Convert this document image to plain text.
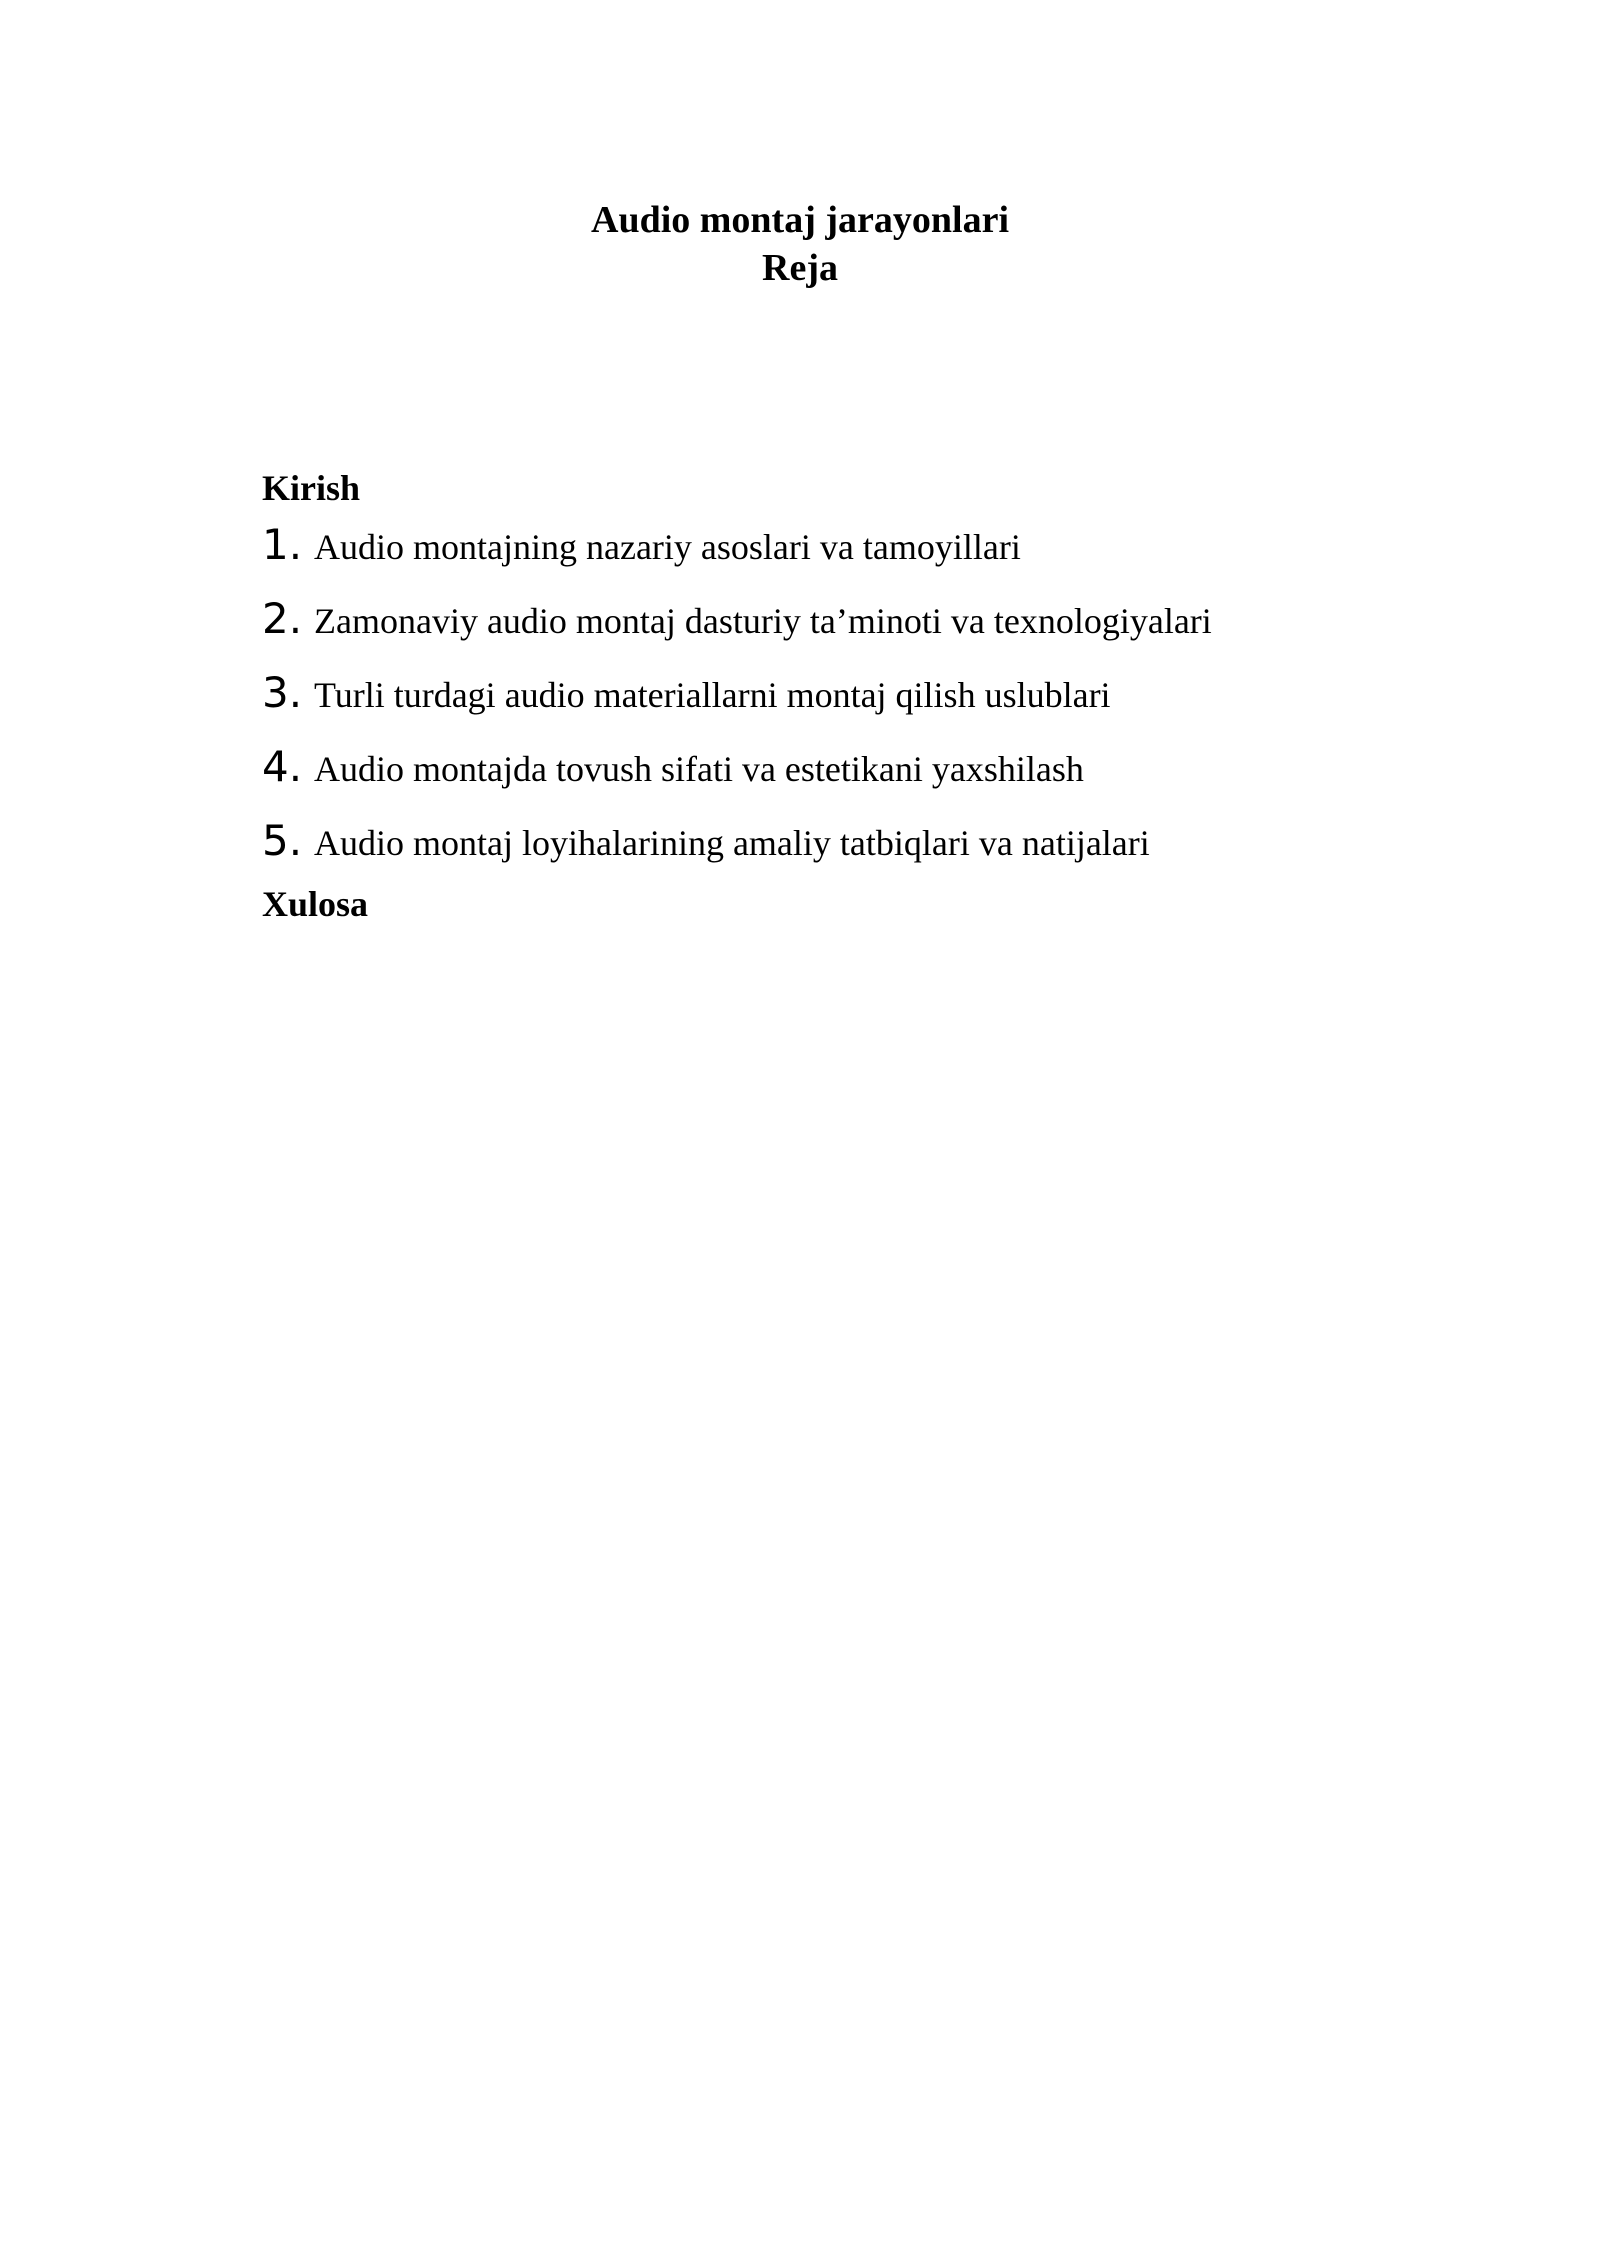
Audio montaj jarayonlari

Reja

Kirish

1. Audio montajning nazariy asoslari va tamoyillari
2. Zamonaviy audio montaj dasturiy ta’minoti va texnologiyalari
3. Turli turdagi audio materiallarni montaj qilish uslublari
4. Audio montajda tovush sifati va estetikani yaxshilash
5. Audio montaj loyihalarining amaliy tatbiqlari va natijalari

Xulosa
